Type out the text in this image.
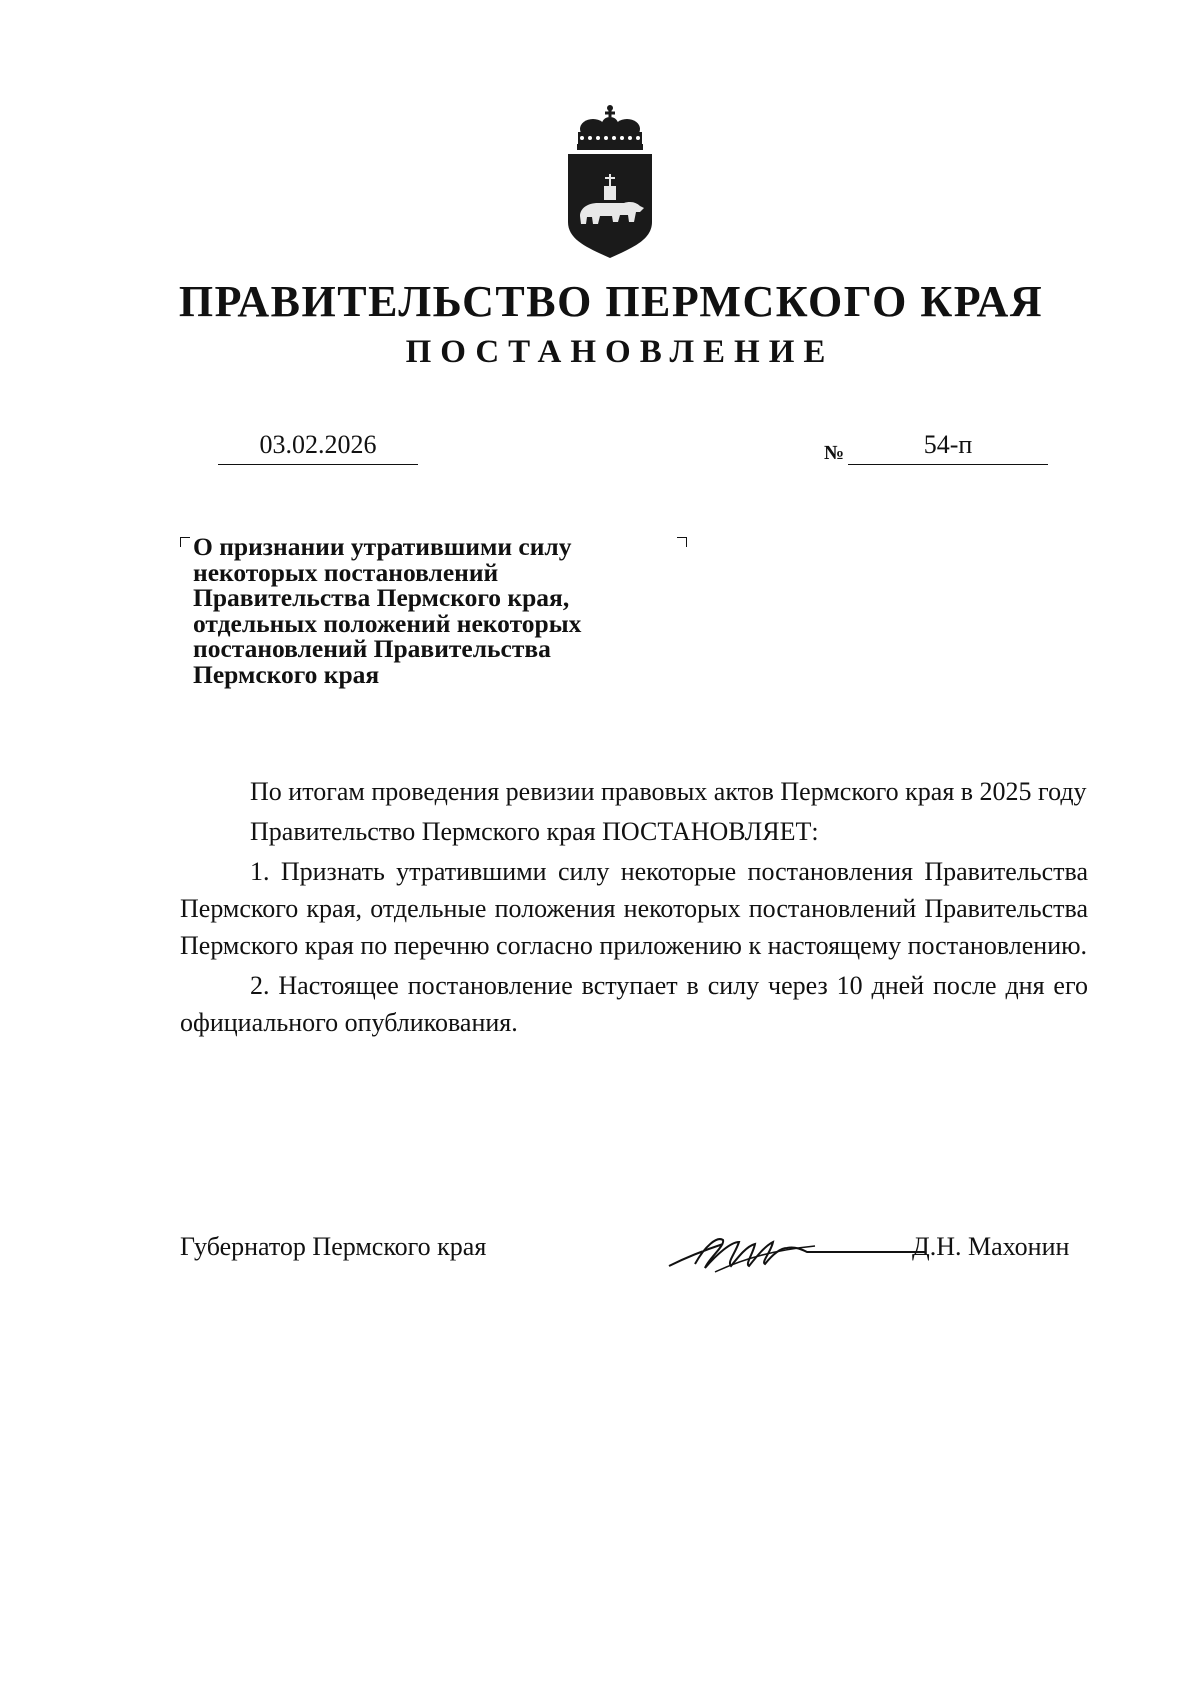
ПРАВИТЕЛЬСТВО ПЕРМСКОГО КРАЯ
ПОСТАНОВЛЕНИЕ
03.02.2026	№	54-п

О признании утратившими силу
некоторых постановлений
Правительства Пермского края,
отдельных положений некоторых
постановлений Правительства
Пермского края

По итогам проведения ревизии правовых актов Пермского края в 2025 году

Правительство Пермского края ПОСТАНОВЛЯЕТ:

1. Признать утратившими силу некоторые постановления Правительства Пермского края, отдельные положения некоторых постановлений Правительства Пермского края по перечню согласно приложению к настоящему постановлению.

2. Настоящее постановление вступает в силу через 10 дней после дня его официального опубликования.

Губернатор Пермского края	Д.Н. Махонин
